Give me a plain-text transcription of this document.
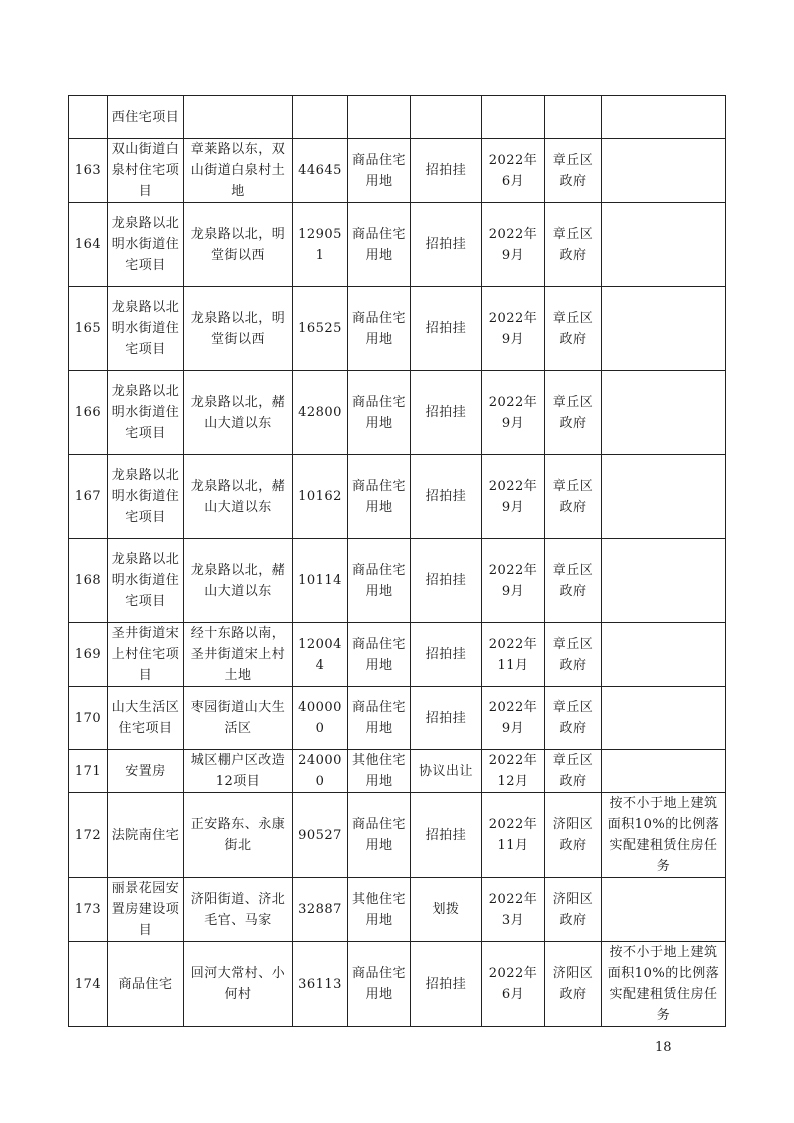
	西住宅项目							
163	双山街道白泉村住宅项目	章莱路以东，双山街道白泉村土地	44645	商品住宅用地	招拍挂	2022年6月	章丘区政府	
164	龙泉路以北明水街道住宅项目	龙泉路以北，明堂街以西	129051	商品住宅用地	招拍挂	2022年9月	章丘区政府	
165	龙泉路以北明水街道住宅项目	龙泉路以北，明堂街以西	16525	商品住宅用地	招拍挂	2022年9月	章丘区政府	
166	龙泉路以北明水街道住宅项目	龙泉路以北，赭山大道以东	42800	商品住宅用地	招拍挂	2022年9月	章丘区政府	
167	龙泉路以北明水街道住宅项目	龙泉路以北，赭山大道以东	10162	商品住宅用地	招拍挂	2022年9月	章丘区政府	
168	龙泉路以北明水街道住宅项目	龙泉路以北，赭山大道以东	10114	商品住宅用地	招拍挂	2022年9月	章丘区政府	
169	圣井街道宋上村住宅项目	经十东路以南，圣井街道宋上村土地	120044	商品住宅用地	招拍挂	2022年11月	章丘区政府	
170	山大生活区住宅项目	枣园街道山大生活区	400000	商品住宅用地	招拍挂	2022年9月	章丘区政府	
171	安置房	城区棚户区改造12项目	240000	其他住宅用地	协议出让	2022年12月	章丘区政府	
172	法院南住宅	正安路东、永康街北	90527	商品住宅用地	招拍挂	2022年11月	济阳区政府	按不小于地上建筑面积10%的比例落实配建租赁住房任务
173	丽景花园安置房建设项目	济阳街道、济北毛官、马家	32887	其他住宅用地	划拨	2022年3月	济阳区政府	
174	商品住宅	回河大常村、小何村	36113	商品住宅用地	招拍挂	2022年6月	济阳区政府	按不小于地上建筑面积10%的比例落实配建租赁住房任务
18
